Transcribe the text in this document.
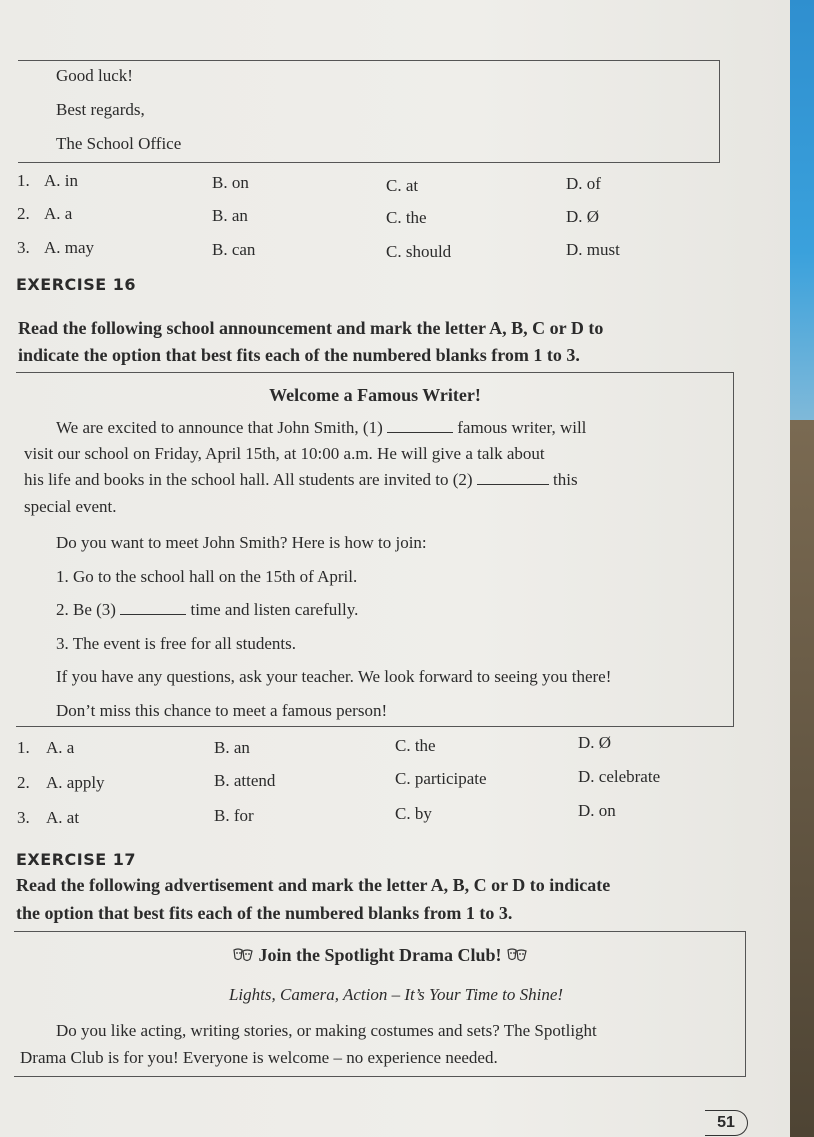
Good luck!
Best regards,
The School Office
1. A. in	B. on	C. at	D. of
2. A. a	B. an	C. the	D. Ø
3. A. may	B. can	C. should	D. must
EXERCISE 16
Read the following school announcement and mark the letter A, B, C or D to
indicate the option that best fits each of the numbered blanks from 1 to 3.
Welcome a Famous Writer!
We are excited to announce that John Smith, (1)	famous writer, will
visit our school on Friday, April 15th, at 10:00 a.m. He will give a talk about
his life and books in the school hall. All students are invited to (2)	this
special event.
Do you want to meet John Smith? Here is how to join:
1. Go to the school hall on the 15th of April.
2. Be (3)	time and listen carefully.
3. The event is free for all students.
If you have any questions, ask your teacher. We look forward to seeing you there!
Don’t miss this chance to meet a famous person!
1. A. a	B. an	C. the	D. Ø
2. A. apply	B. attend	C. participate	D. celebrate
3. A. at	B. for	C. by	D. on
EXERCISE 17
Read the following advertisement and mark the letter A, B, C or D to indicate
the option that best fits each of the numbered blanks from 1 to 3.
Join the Spotlight Drama Club!
Lights, Camera, Action – It’s Your Time to Shine!
Do you like acting, writing stories, or making costumes and sets? The Spotlight
Drama Club is for you! Everyone is welcome – no experience needed.
51
